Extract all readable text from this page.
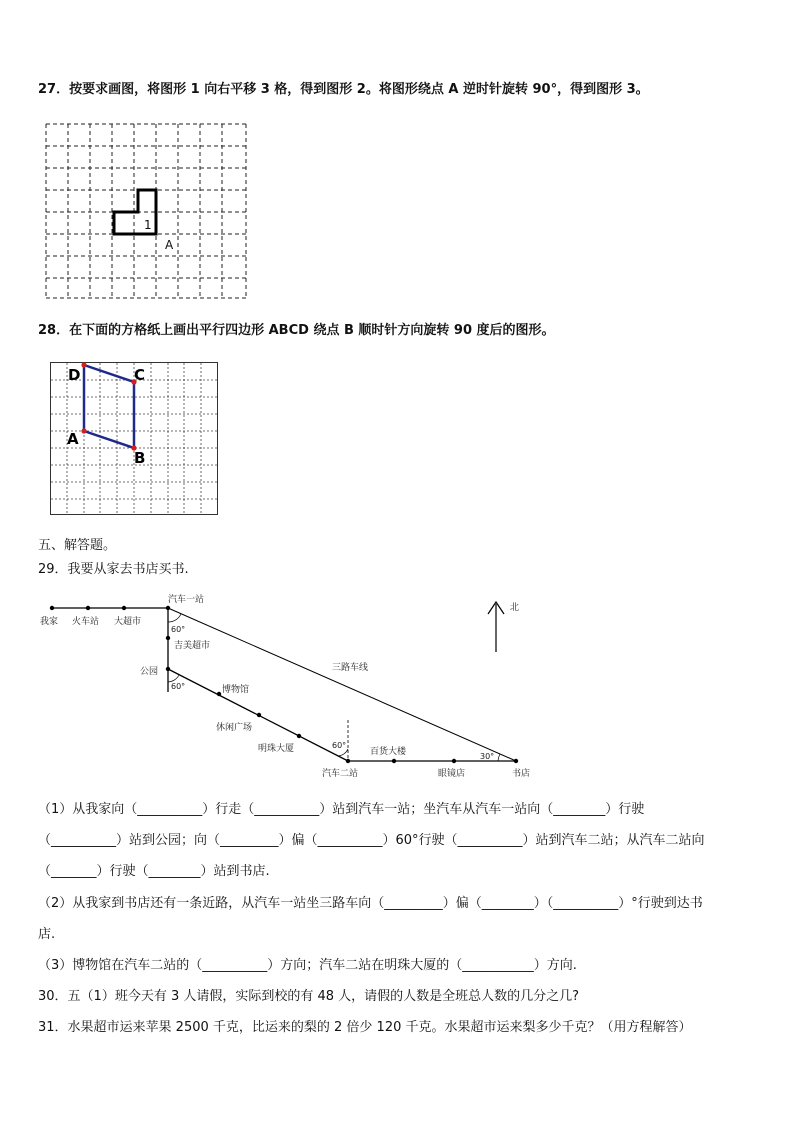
27．按要求画图，将图形 1 向右平移 3 格，得到图形 2。将图形绕点 A 逆时针旋转 90°，得到图形 3。
1
A
28．在下面的方格纸上画出平行四边形 ABCD 绕点 B 顺时针方向旋转 90 度后的图形。
D	C
A
B
五、解答题。
29．我要从家去书店买书.
北
我家 火车站 大超市
汽车一站
60°
吉美超市
公园
60°	博物馆
三路车线
休闲广场
明珠大厦	60°
百货大楼	30°
汽车二站	眼镜店	书店
（1）从我家向（__________）行走（__________）站到汽车一站；坐汽车从汽车一站向（________）行驶
（__________）站到公园；向（_________）偏（__________）60°行驶（__________）站到汽车二站；从汽车二站向
（_______）行驶（________）站到书店.
（2）从我家到书店还有一条近路，从汽车一站坐三路车向（_________）偏（________）（__________）°行驶到达书
店.
（3）博物馆在汽车二站的（__________）方向；汽车二站在明珠大厦的（___________）方向.
30．五（1）班今天有 3 人请假，实际到校的有 48 人，请假的人数是全班总人数的几分之几?
31．水果超市运来苹果 2500 千克，比运来的梨的 2 倍少 120 千克。水果超市运来梨多少千克？（用方程解答）
